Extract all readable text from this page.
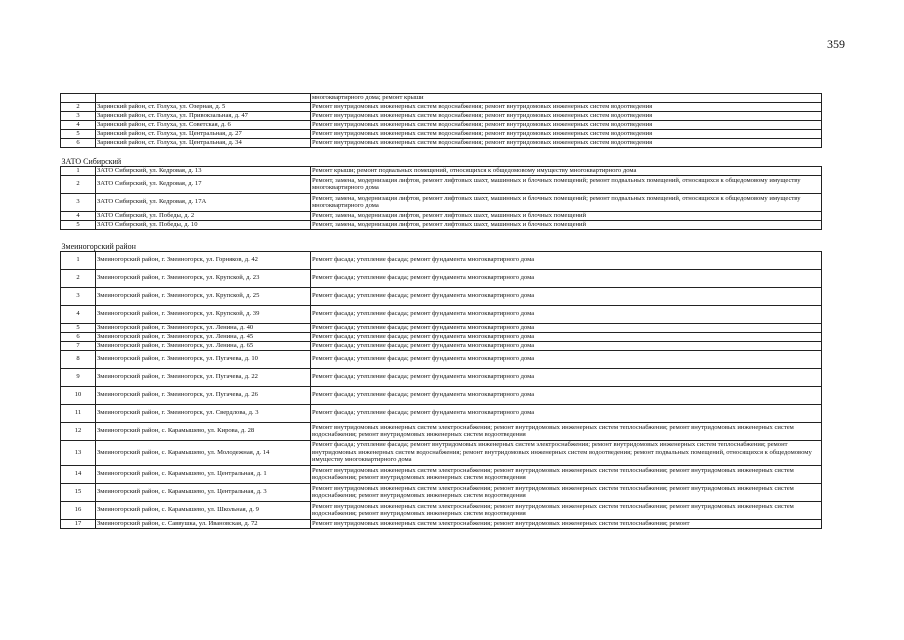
359
		многоквартирного дома; ремонт крыши
2	Заринский район, ст. Голуха, ул. Озерная, д. 5	Ремонт внутридомовых инженерных систем водоснабжения; ремонт внутридомовых инженерных систем водоотведения
3	Заринский район, ст. Голуха, ул. Привокзальная, д. 47	Ремонт внутридомовых инженерных систем водоснабжения; ремонт внутридомовых инженерных систем водоотведения
4	Заринский район, ст. Голуха, ул. Советская, д. 6	Ремонт внутридомовых инженерных систем водоснабжения; ремонт внутридомовых инженерных систем водоотведения
5	Заринский район, ст. Голуха, ул. Центральная, д. 27	Ремонт внутридомовых инженерных систем водоснабжения; ремонт внутридомовых инженерных систем водоотведения
6	Заринский район, ст. Голуха, ул. Центральная, д. 34	Ремонт внутридомовых инженерных систем водоснабжения; ремонт внутридомовых инженерных систем водоотведения
ЗАТО Сибирский		
1	ЗАТО Сибирский, ул. Кедровая, д. 13	Ремонт крыши; ремонт подвальных помещений, относящихся к общедомовому имуществу многоквартирного дома
2	ЗАТО Сибирский, ул. Кедровая, д. 17	Ремонт, замена, модернизация лифтов, ремонт лифтовых шахт, машинных и блочных помещений; ремонт подвальных помещений, относящихся к общедомовому имуществу многоквартирного дома
3	ЗАТО Сибирский, ул. Кедровая, д. 17А	Ремонт, замена, модернизация лифтов, ремонт лифтовых шахт, машинных и блочных помещений; ремонт подвальных помещений, относящихся к общедомовому имуществу многоквартирного дома
4	ЗАТО Сибирский, ул. Победы, д. 2	Ремонт, замена, модернизация лифтов, ремонт лифтовых шахт, машинных и блочных помещений
5	ЗАТО Сибирский, ул. Победы, д. 10	Ремонт, замена, модернизация лифтов, ремонт лифтовых шахт, машинных и блочных помещений
Змеиногорский район		
1	Змеиногорский район, г. Змеиногорск, ул. Горняков, д. 42	Ремонт фасада; утепление фасада; ремонт фундамента многоквартирного дома
2	Змеиногорский район, г. Змеиногорск, ул. Крупской, д. 23	Ремонт фасада; утепление фасада; ремонт фундамента многоквартирного дома
3	Змеиногорский район, г. Змеиногорск, ул. Крупской, д. 25	Ремонт фасада; утепление фасада; ремонт фундамента многоквартирного дома
4	Змеиногорский район, г. Змеиногорск, ул. Крупской, д. 39	Ремонт фасада; утепление фасада; ремонт фундамента многоквартирного дома
5	Змеиногорский район, г. Змеиногорск, ул. Ленина, д. 40	Ремонт фасада; утепление фасада; ремонт фундамента многоквартирного дома
6	Змеиногорский район, г. Змеиногорск, ул. Ленина, д. 45	Ремонт фасада; утепление фасада; ремонт фундамента многоквартирного дома
7	Змеиногорский район, г. Змеиногорск, ул. Ленина, д. 65	Ремонт фасада; утепление фасада; ремонт фундамента многоквартирного дома
8	Змеиногорский район, г. Змеиногорск, ул. Пугачева, д. 10	Ремонт фасада; утепление фасада; ремонт фундамента многоквартирного дома
9	Змеиногорский район, г. Змеиногорск, ул. Пугачева, д. 22	Ремонт фасада; утепление фасада; ремонт фундамента многоквартирного дома
10	Змеиногорский район, г. Змеиногорск, ул. Пугачева, д. 26	Ремонт фасада; утепление фасада; ремонт фундамента многоквартирного дома
11	Змеиногорский район, г. Змеиногорск, ул. Свердлова, д. 3	Ремонт фасада; утепление фасада; ремонт фундамента многоквартирного дома
12	Змеиногорский район, с. Карамышево, ул. Кирова, д. 28	Ремонт внутридомовых инженерных систем электроснабжения; ремонт внутридомовых инженерных систем теплоснабжения; ремонт внутридомовых инженерных систем водоснабжения; ремонт внутридомовых инженерных систем водоотведения
13	Змеиногорский район, с. Карамышево, ул. Молодежная, д. 14	Ремонт фасада; утепление фасада; ремонт внутридомовых инженерных систем электроснабжения; ремонт внутридомовых инженерных систем теплоснабжения; ремонт внутридомовых инженерных систем водоснабжения; ремонт внутридомовых инженерных систем водоотведения; ремонт подвальных помещений, относящихся к общедомовому имуществу многоквартирного дома
14	Змеиногорский район, с. Карамышево, ул. Центральная, д. 1	Ремонт внутридомовых инженерных систем электроснабжения; ремонт внутридомовых инженерных систем теплоснабжения; ремонт внутридомовых инженерных систем водоснабжения; ремонт внутридомовых инженерных систем водоотведения
15	Змеиногорский район, с. Карамышево, ул. Центральная, д. 3	Ремонт внутридомовых инженерных систем электроснабжения; ремонт внутридомовых инженерных систем теплоснабжения; ремонт внутридомовых инженерных систем водоснабжения; ремонт внутридомовых инженерных систем водоотведения
16	Змеиногорский район, с. Карамышево, ул. Школьная, д. 9	Ремонт внутридомовых инженерных систем электроснабжения; ремонт внутридомовых инженерных систем теплоснабжения; ремонт внутридомовых инженерных систем водоснабжения; ремонт внутридомовых инженерных систем водоотведения
17	Змеиногорский район, с. Саввушка, ул. Ивановская, д. 72	Ремонт внутридомовых инженерных систем электроснабжения; ремонт внутридомовых инженерных систем теплоснабжения; ремонт
